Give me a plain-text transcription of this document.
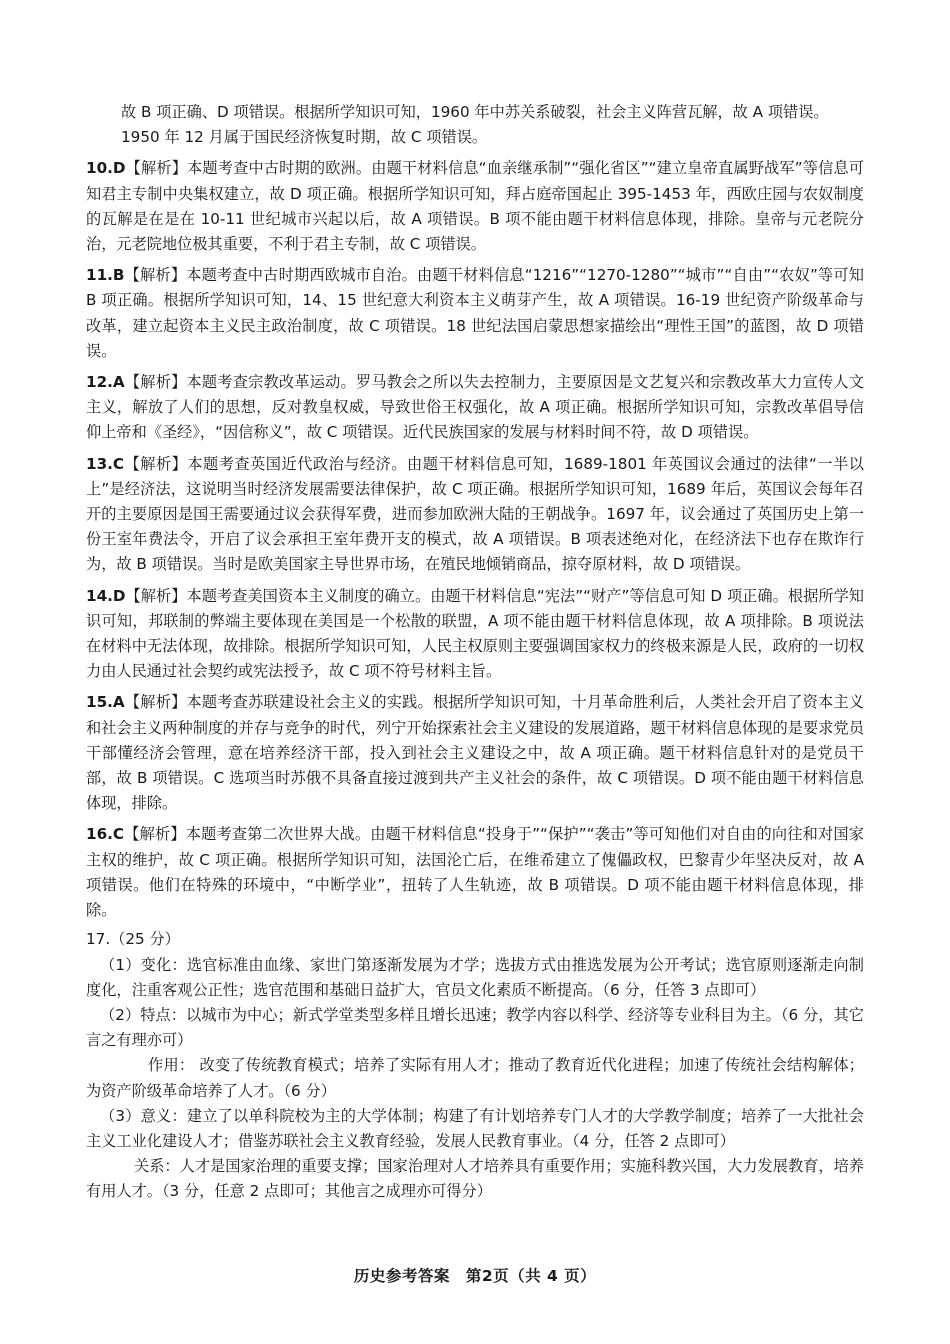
故 B 项正确、D 项错误。根据所学知识可知，1960 年中苏关系破裂，社会主义阵营瓦解，故 A 项错误。
1950 年 12 月属于国民经济恢复时期，故 C 项错误。

10.D【解析】本题考查中古时期的欧洲。由题干材料信息“血亲继承制”“强化省区”“建立皇帝直属野战军”等信息可知君主专制中央集权建立，故 D 项正确。根据所学知识可知，拜占庭帝国起止 395-1453 年，西欧庄园与农奴制度的瓦解是在是在 10-11 世纪城市兴起以后，故 A 项错误。B 项不能由题干材料信息体现，排除。皇帝与元老院分治，元老院地位极其重要，不利于君主专制，故 C 项错误。

11.B【解析】本题考查中古时期西欧城市自治。由题干材料信息“1216”“1270-1280”“城市”“自由”“农奴”等可知 B 项正确。根据所学知识可知，14、15 世纪意大利资本主义萌芽产生，故 A 项错误。16-19 世纪资产阶级革命与改革，建立起资本主义民主政治制度，故 C 项错误。18 世纪法国启蒙思想家描绘出“理性王国”的蓝图，故 D 项错误。

12.A【解析】本题考查宗教改革运动。罗马教会之所以失去控制力，主要原因是文艺复兴和宗教改革大力宣传人文主义，解放了人们的思想，反对教皇权威，导致世俗王权强化，故 A 项正确。根据所学知识可知，宗教改革倡导信仰上帝和《圣经》，“因信称义”，故 C 项错误。近代民族国家的发展与材料时间不符，故 D 项错误。

13.C【解析】本题考查英国近代政治与经济。由题干材料信息可知，1689-1801 年英国议会通过的法律“一半以上”是经济法，这说明当时经济发展需要法律保护，故 C 项正确。根据所学知识可知，1689 年后，英国议会每年召开的主要原因是国王需要通过议会获得军费，进而参加欧洲大陆的王朝战争。1697 年，议会通过了英国历史上第一份王室年费法令，开启了议会承担王室年费开支的模式，故 A 项错误。B 项表述绝对化，在经济法下也存在欺诈行为，故 B 项错误。当时是欧美国家主导世界市场，在殖民地倾销商品，掠夺原材料，故 D 项错误。

14.D【解析】本题考查美国资本主义制度的确立。由题干材料信息“宪法”“财产”等信息可知 D 项正确。根据所学知识可知，邦联制的弊端主要体现在美国是一个松散的联盟，A 项不能由题干材料信息体现，故 A 项排除。B 项说法在材料中无法体现，故排除。根据所学知识可知，人民主权原则主要强调国家权力的终极来源是人民，政府的一切权力由人民通过社会契约或宪法授予，故 C 项不符号材料主旨。

15.A【解析】本题考查苏联建设社会主义的实践。根据所学知识可知，十月革命胜利后，人类社会开启了资本主义和社会主义两种制度的并存与竞争的时代，列宁开始探索社会主义建设的发展道路，题干材料信息体现的是要求党员干部懂经济会管理，意在培养经济干部，投入到社会主义建设之中，故 A 项正确。题干材料信息针对的是党员干部，故 B 项错误。C 选项当时苏俄不具备直接过渡到共产主义社会的条件，故 C 项错误。D 项不能由题干材料信息体现，排除。

16.C【解析】本题考查第二次世界大战。由题干材料信息“投身于”“保护”“袭击”等可知他们对自由的向往和对国家主权的维护，故 C 项正确。根据所学知识可知，法国沦亡后，在维希建立了傀儡政权，巴黎青少年坚决反对，故 A 项错误。他们在特殊的环境中，“中断学业”，扭转了人生轨迹，故 B 项错误。D 项不能由题干材料信息体现，排除。

17.（25 分）

（1）变化：选官标准由血缘、家世门第逐渐发展为才学；选拔方式由推选发展为公开考试；选官原则逐渐走向制度化，注重客观公正性；选官范围和基础日益扩大，官员文化素质不断提高。（6 分，任答 3 点即可）

（2）特点：以城市为中心；新式学堂类型多样且增长迅速；教学内容以科学、经济等专业科目为主。（6 分，其它言之有理亦可）

作用： 改变了传统教育模式；培养了实际有用人才；推动了教育近代化进程；加速了传统社会结构解体；为资产阶级革命培养了人才。（6 分）

（3）意义：建立了以单科院校为主的大学体制；构建了有计划培养专门人才的大学教学制度；培养了一大批社会主义工业化建设人才；借鉴苏联社会主义教育经验，发展人民教育事业。（4 分，任答 2 点即可）

关系：人才是国家治理的重要支撑；国家治理对人才培养具有重要作用；实施科教兴国，大力发展教育，培养有用人才。（3 分，任意 2 点即可；其他言之成理亦可得分）

历史参考答案　第2页（共 4 页）
